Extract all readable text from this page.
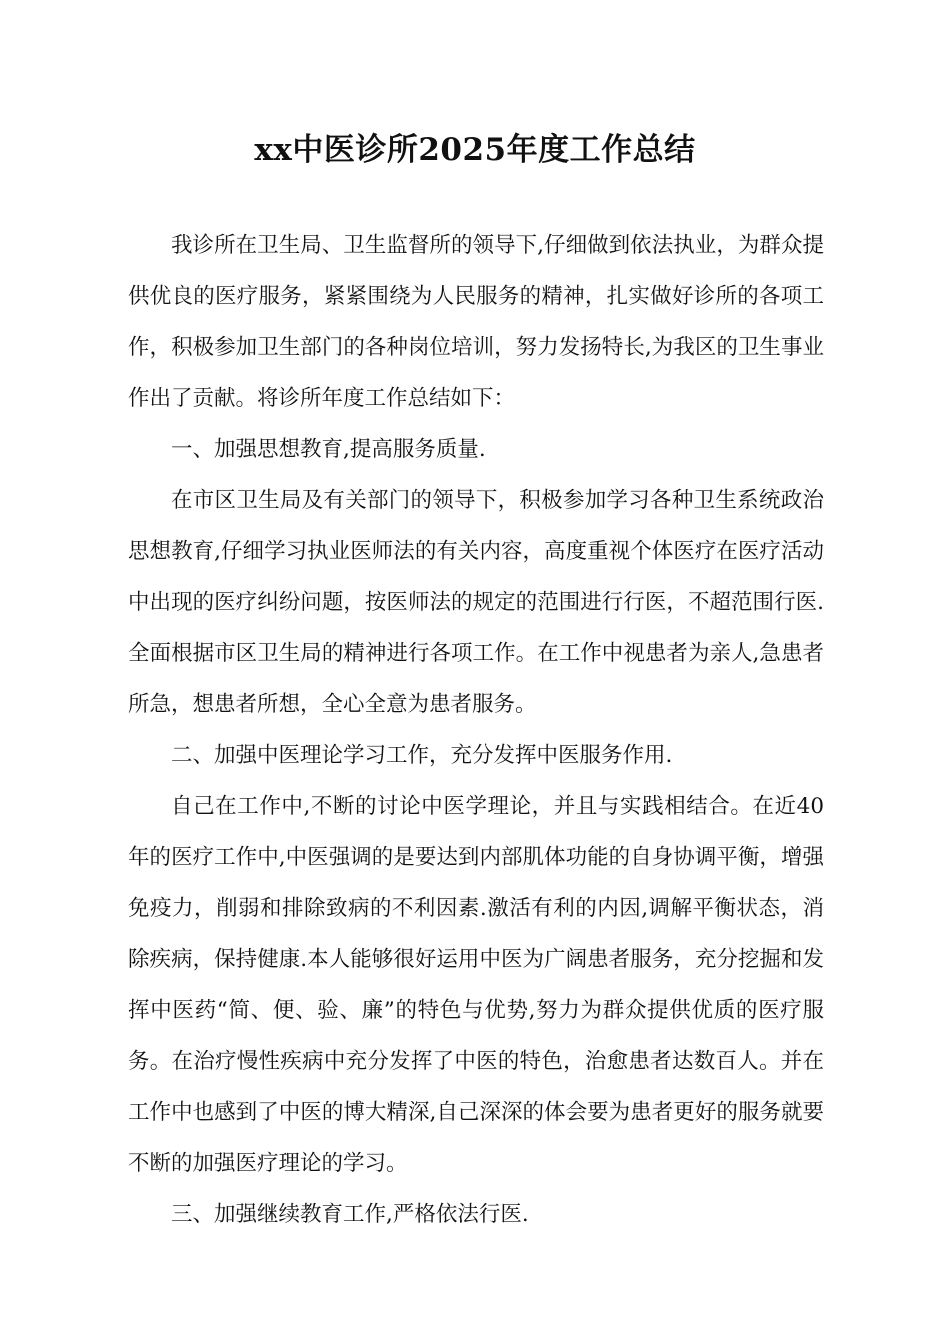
xx中医诊所2025年度工作总结

我诊所在卫生局、卫生监督所的领导下,仔细做到依法执业，为群众提供优良的医疗服务，紧紧围绕为人民服务的精神，扎实做好诊所的各项工作，积极参加卫生部门的各种岗位培训，努力发扬特长,为我区的卫生事业作出了贡献。将诊所年度工作总结如下：

一、加强思想教育,提高服务质量.

在市区卫生局及有关部门的领导下，积极参加学习各种卫生系统政治思想教育,仔细学习执业医师法的有关内容，高度重视个体医疗在医疗活动中出现的医疗纠纷问题，按医师法的规定的范围进行行医，不超范围行医.全面根据市区卫生局的精神进行各项工作。在工作中视患者为亲人,急患者所急，想患者所想，全心全意为患者服务。

二、加强中医理论学习工作，充分发挥中医服务作用.

自己在工作中,不断的讨论中医学理论，并且与实践相结合。在近40年的医疗工作中,中医强调的是要达到内部肌体功能的自身协调平衡，增强免疫力，削弱和排除致病的不利因素.激活有利的内因,调解平衡状态，消除疾病，保持健康.本人能够很好运用中医为广阔患者服务，充分挖掘和发挥中医药“简、便、验、廉”的特色与优势,努力为群众提供优质的医疗服务。在治疗慢性疾病中充分发挥了中医的特色，治愈患者达数百人。并在工作中也感到了中医的博大精深,自己深深的体会要为患者更好的服务就要不断的加强医疗理论的学习。

三、加强继续教育工作,严格依法行医.
